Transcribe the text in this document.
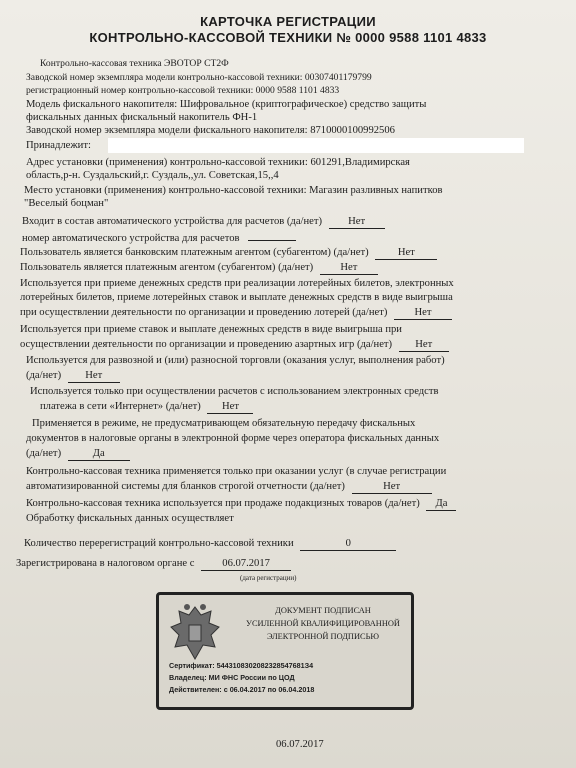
КАРТОЧКА РЕГИСТРАЦИИ
КОНТРОЛЬНО-КАССОВОЙ ТЕХНИКИ № 0000 9588 1101 4833
Контрольно-кассовая техника ЭВОТОР СТ2Ф
Заводской номер экземпляра модели контрольно-кассовой техники: 00307401179799
регистрационный номер контрольно-кассовой техники: 0000 9588 1101 4833
Модель фискального накопителя: Шифровальное (криптографическое) средство защиты
фискальных данных фискальный накопитель ФН-1
Заводской номер экземпляра модели фискального накопителя: 8710000100992506
Принадлежит:
Адрес установки (применения) контрольно-кассовой техники: 601291,Владимирская
область,р-н. Суздальский,г. Суздаль,,ул. Советская,15,,4
Место установки (применения) контрольно-кассовой техники: Магазин разливных напитков
"Веселый боцман"
Входит в состав автоматического устройства для расчетов (да/нет) Нет
номер автоматического устройства для расчетов
Пользователь является банковским платежным агентом (субагентом) (да/нет)	Нет
Пользователь является платежным агентом (субагентом) (да/нет)	Нет
Используется при приеме денежных средств при реализации лотерейных билетов, электронных
лотерейных билетов, приеме лотерейных ставок и выплате денежных средств в виде выигрыша
при осуществлении деятельности по организации и проведению лотерей (да/нет)	Нет
Используется при приеме ставок и выплате денежных средств в виде выигрыша при
осуществлении деятельности по организации и проведению азартных игр (да/нет) Нет
Используется для развозной и (или) разносной торговли (оказания услуг, выполнения работ)
(да/нет) Нет
Используется только при осуществлении расчетов с использованием электронных средств
платежа в сети «Интернет» (да/нет) Нет
Применяется в режиме, не предусматривающем обязательную передачу фискальных
документов в налоговые органы в электронной форме через оператора фискальных данных
(да/нет)	Да
Контрольно-кассовая техника применяется только при оказании услуг (в случае регистрации
автоматизированной системы для бланков строгой отчетности (да/нет)	Нет
Контрольно-кассовая техника используется при продаже подакцизных товаров (да/нет) Да
Обработку фискальных данных осуществляет
Количество перерегистраций контрольно-кассовой техники	0
Зарегистрирована в налоговом органе с	06.07.2017
(дата регистрации)
ДОКУМЕНТ ПОДПИСАН
УСИЛЕННОЙ КВАЛИФИЦИРОВАННОЙ
ЭЛЕКТРОННОЙ ПОДПИСЬЮ
Сертификат: 5443108302082328547681З4
Владелец: МИ ФНС России по ЦОД
Действителен: с 06.04.2017 по 06.04.2018
06.07.2017
